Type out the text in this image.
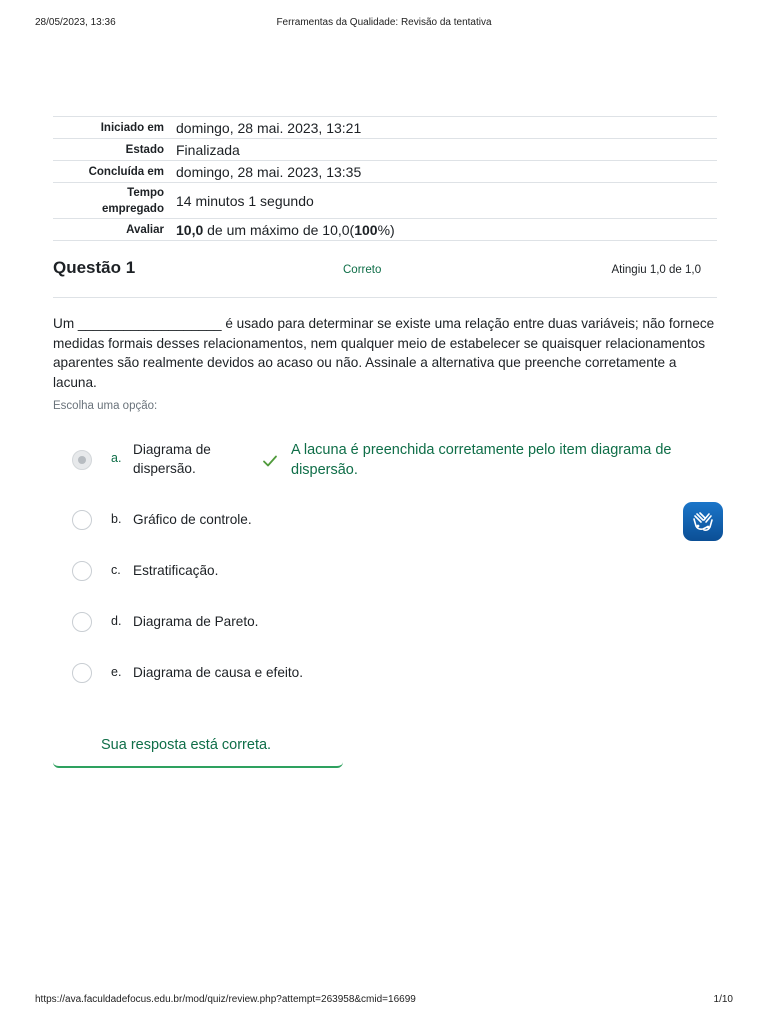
28/05/2023, 13:36	Ferramentas da Qualidade: Revisão da tentativa
Iniciado em domingo, 28 mai. 2023, 13:21
Estado Finalizada
Concluída em domingo, 28 mai. 2023, 13:35
Tempo
empregado 14 minutos 1 segundo
Avaliar 10,0 de um máximo de 10,0(100%)
Questão 1	Correto	Atingiu 1,0 de 1,0
Um ___________________ é usado para determinar se existe uma relação entre duas variáveis; não fornece medidas formais desses relacionamentos, nem qualquer meio de estabelecer se quaisquer relacionamentos aparentes são realmente devidos ao acaso ou não. Assinale a alternativa que preenche corretamente a lacuna.
Escolha uma opção:
a.
Diagrama de
dispersão.
A lacuna é preenchida corretamente pelo item diagrama de dispersão.
b. Gráfico de controle.
c. Estratificação.
d. Diagrama de Pareto.
e. Diagrama de causa e efeito.
Sua resposta está correta.
https://ava.faculdadefocus.edu.br/mod/quiz/review.php?attempt=263958&cmid=16699	1/10
